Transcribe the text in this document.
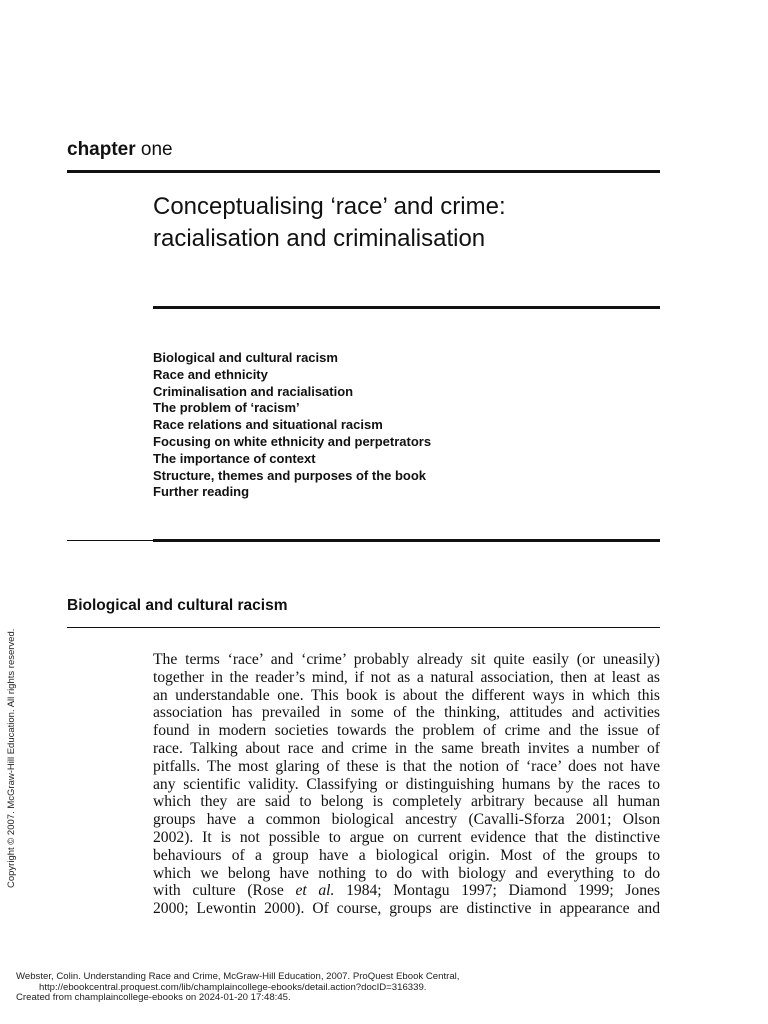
chapter one
Conceptualising ‘race’ and crime:
racialisation and criminalisation
Biological and cultural racism
Race and ethnicity
Criminalisation and racialisation
The problem of ‘racism’
Race relations and situational racism
Focusing on white ethnicity and perpetrators
The importance of context
Structure, themes and purposes of the book
Further reading
Biological and cultural racism
The terms ‘race’ and ‘crime’ probably already sit quite easily (or uneasily)
together in the reader’s mind, if not as a natural association, then at least as
an understandable one. This book is about the different ways in which this
association has prevailed in some of the thinking, attitudes and activities
found in modern societies towards the problem of crime and the issue of
race. Talking about race and crime in the same breath invites a number of
pitfalls. The most glaring of these is that the notion of ‘race’ does not have
any scientific validity. Classifying or distinguishing humans by the races to
which they are said to belong is completely arbitrary because all human
groups have a common biological ancestry (Cavalli-Sforza 2001; Olson
2002). It is not possible to argue on current evidence that the distinctive
behaviours of a group have a biological origin. Most of the groups to
which we belong have nothing to do with biology and everything to do
with culture (Rose et al. 1984; Montagu 1997; Diamond 1999; Jones
2000; Lewontin 2000). Of course, groups are distinctive in appearance and
Copyright © 2007. McGraw-Hill Education. All rights reserved.
Webster, Colin. Understanding Race and Crime, McGraw-Hill Education, 2007. ProQuest Ebook Central,
http://ebookcentral.proquest.com/lib/champlaincollege-ebooks/detail.action?docID=316339.
Created from champlaincollege-ebooks on 2024-01-20 17:48:45.
